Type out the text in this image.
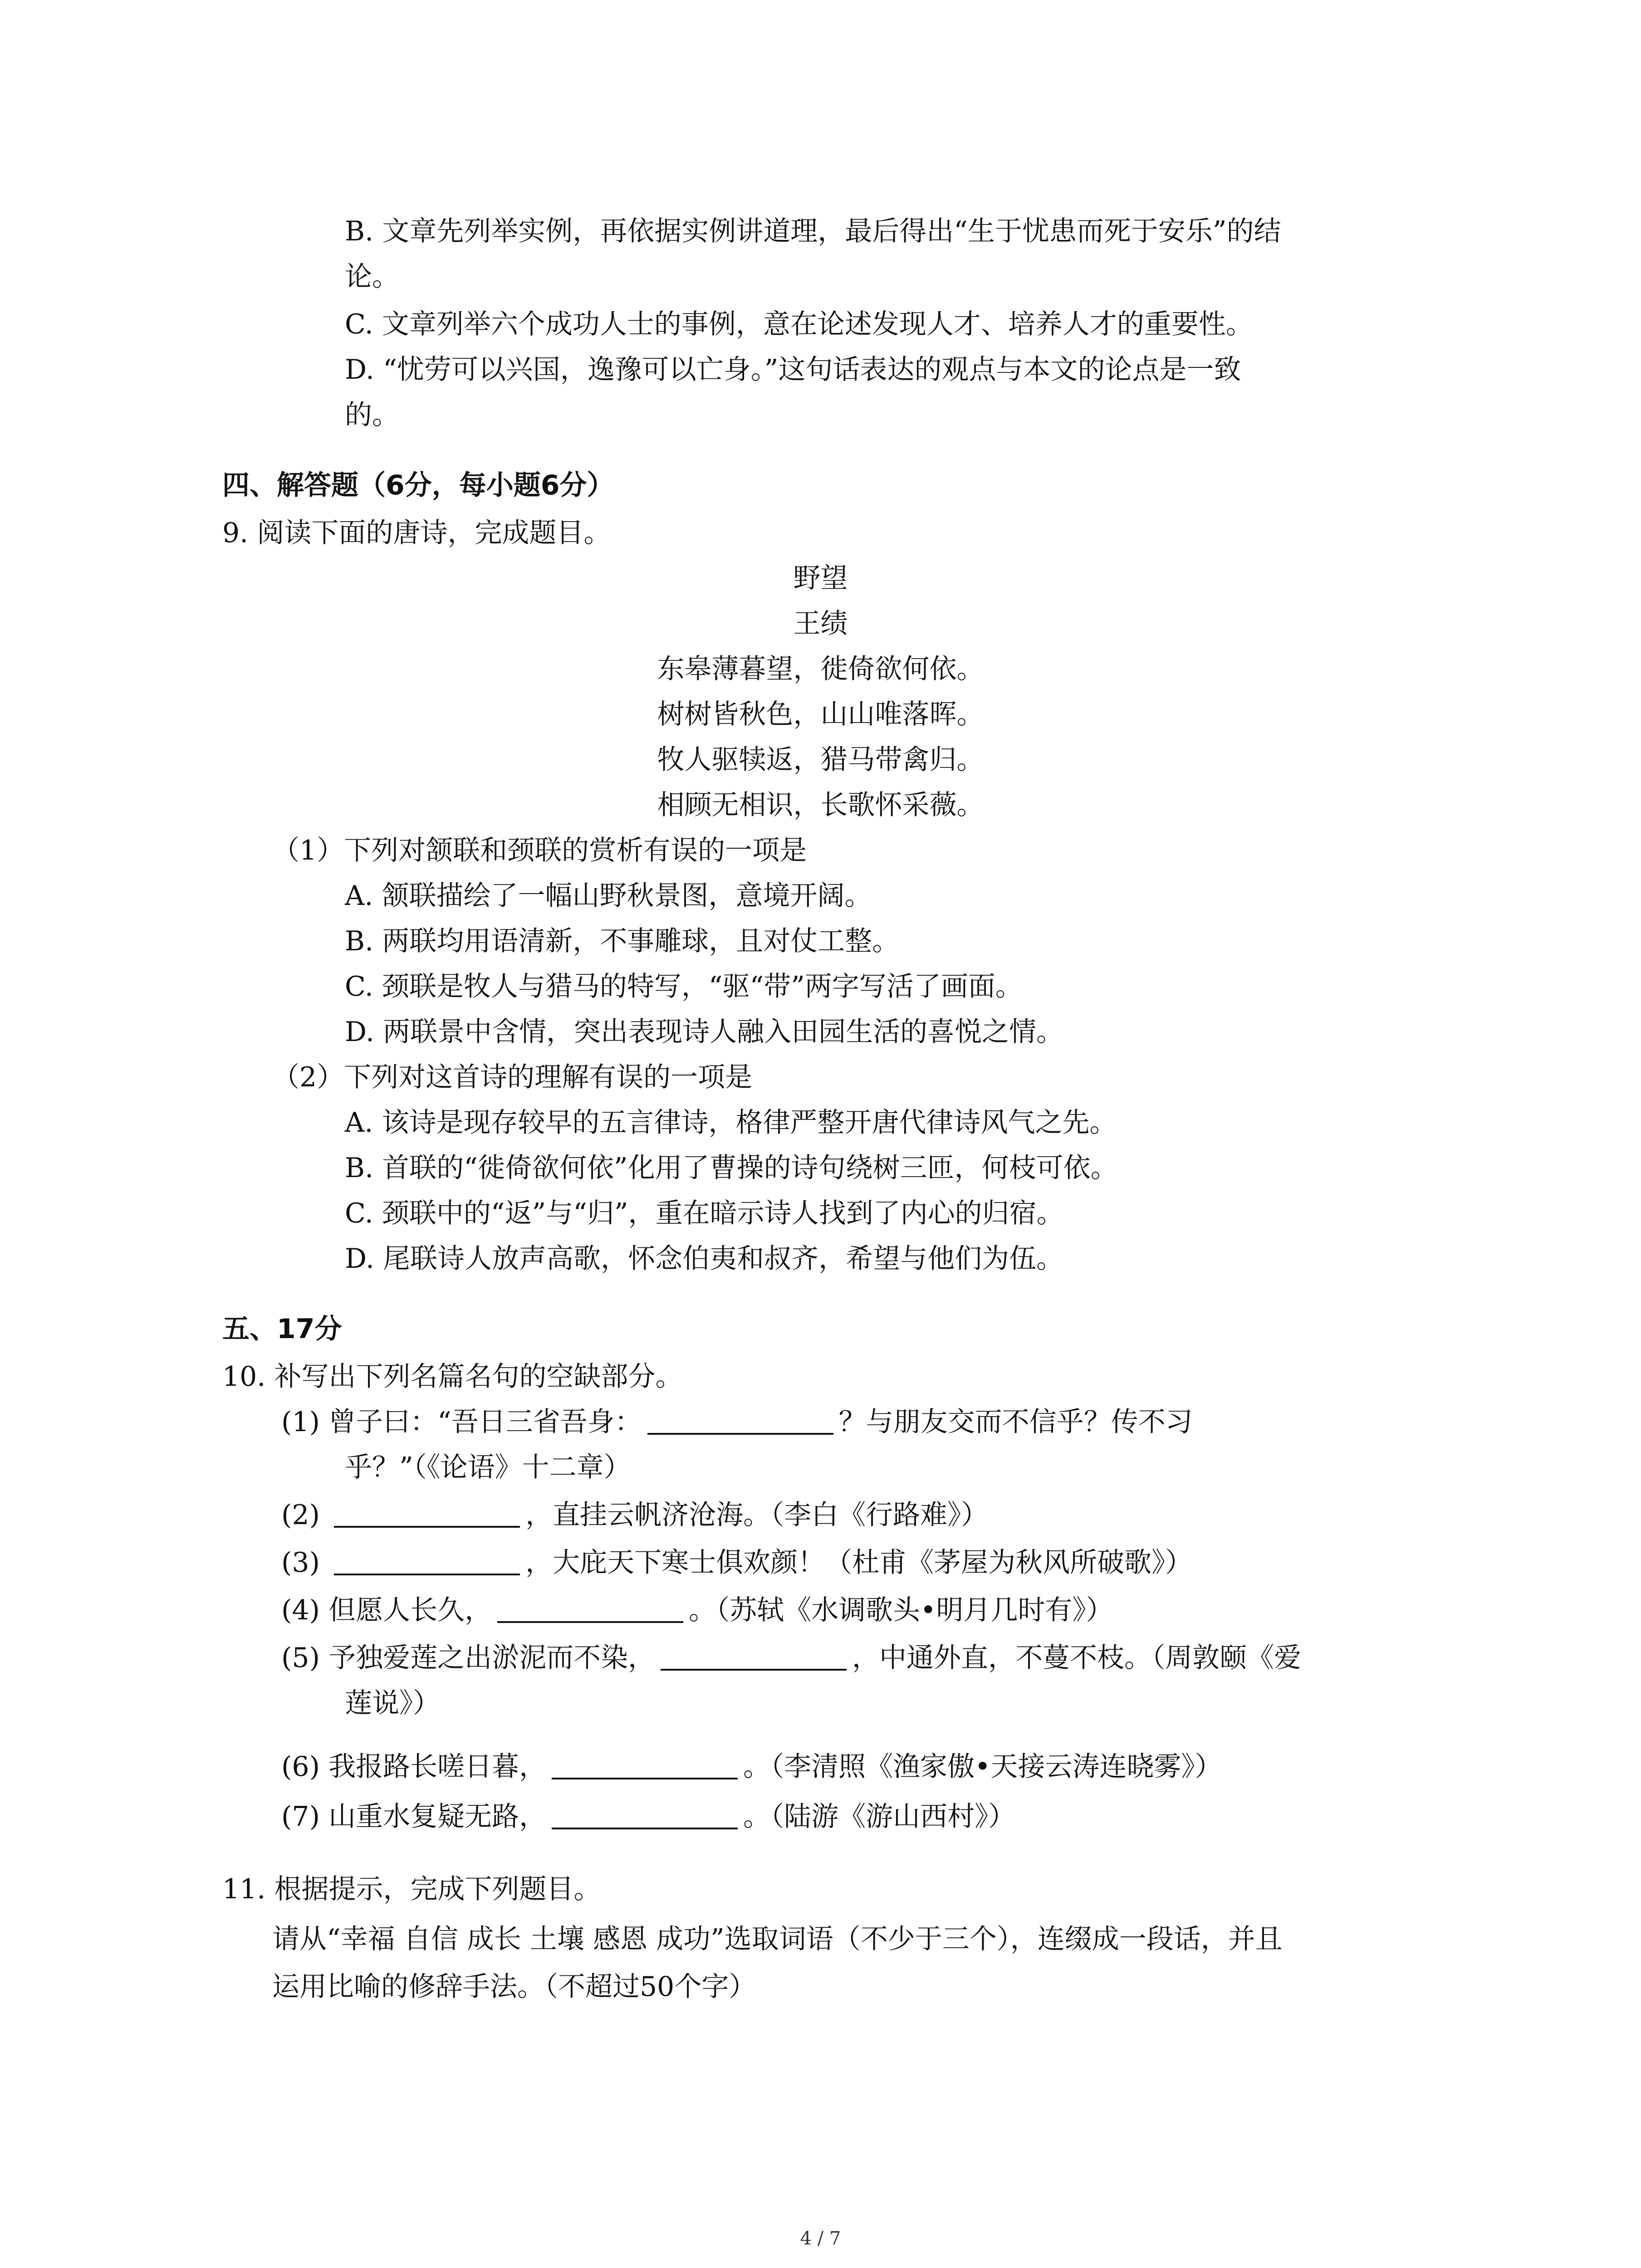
B. 文章先列举实例，再依据实例讲道理，最后得出“生于忧患而死于安乐”的结
论。
C. 文章列举六个成功人士的事例，意在论述发现人才、培养人才的重要性。
D. “忧劳可以兴国，逸豫可以亡身。”这句话表达的观点与本文的论点是一致
的。
四、解答题（6分，每小题6分）
9. 阅读下面的唐诗，完成题目。
野望
王绩
东皋薄暮望，徙倚欲何依。
树树皆秋色，山山唯落晖。
牧人驱犊返，猎马带禽归。
相顾无相识，长歌怀采薇。
（1）下列对颔联和颈联的赏析有误的一项是
A. 颔联描绘了一幅山野秋景图，意境开阔。
B. 两联均用语清新，不事雕球，且对仗工整。
C. 颈联是牧人与猎马的特写，“驱“带”两字写活了画面。
D. 两联景中含情，突出表现诗人融入田园生活的喜悦之情。
（2）下列对这首诗的理解有误的一项是
A. 该诗是现存较早的五言律诗，格律严整开唐代律诗风气之先。
B. 首联的“徙倚欲何依”化用了曹操的诗句绕树三匝，何枝可依。
C. 颈联中的“返”与“归”，重在暗示诗人找到了内心的归宿。
D. 尾联诗人放声高歌，怀念伯夷和叔齐，希望与他们为伍。
五、17分
10. 补写出下列名篇名句的空缺部分。
(1) 曾子曰：“吾日三省吾身：	？与朋友交而不信乎？传不习
乎？”（《论语》十二章）
(2)	，直挂云帆济沧海。（李白《行路难》）
(3)	，大庇天下寒士俱欢颜！（杜甫《茅屋为秋风所破歌》）
(4) 但愿人长久，	。（苏轼《水调歌头•明月几时有》）
(5) 予独爱莲之出淤泥而不染，	，中通外直，不蔓不枝。（周敦颐《爱
莲说》）
(6) 我报路长嗟日暮，	。（李清照《渔家傲•天接云涛连晓雾》）
(7) 山重水复疑无路，	。（陆游《游山西村》）
11. 根据提示，完成下列题目。
请从“幸福 自信 成长 土壤 感恩 成功”选取词语（不少于三个），连缀成一段话，并且
运用比喻的修辞手法。（不超过50个字）
4 / 7
